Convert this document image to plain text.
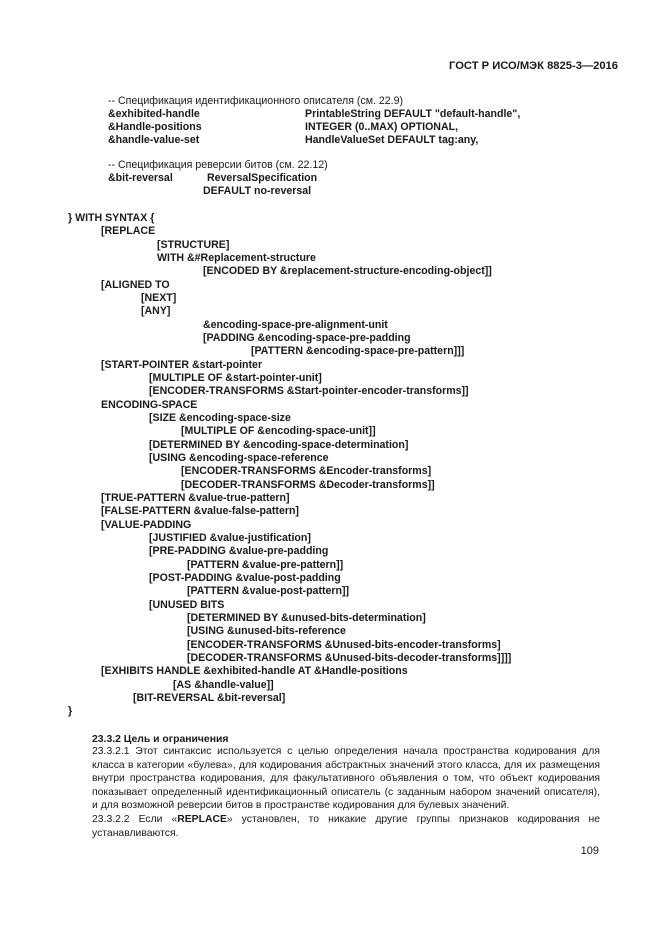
ГОСТ Р ИСО/МЭК 8825-3—2016
-- Спецификация идентификационного описателя (см. 22.9)
&exhibited-handle	PrintableString DEFAULT "default-handle",
&Handle-positions	INTEGER (0..MAX) OPTIONAL,
&handle-value-set	HandleValueSet DEFAULT tag:any,
-- Спецификация реверсии битов (см. 22.12)
&bit-reversal	ReversalSpecification
DEFAULT no-reversal
} WITH SYNTAX {
[REPLACE
[STRUCTURE]
WITH &#Replacement-structure
[ENCODED BY &replacement-structure-encoding-object]]
[ALIGNED TO
[NEXT]
[ANY]
&encoding-space-pre-alignment-unit
[PADDING &encoding-space-pre-padding
[PATTERN &encoding-space-pre-pattern]]]
[START-POINTER &start-pointer
[MULTIPLE OF &start-pointer-unit]
[ENCODER-TRANSFORMS &Start-pointer-encoder-transforms]]
ENCODING-SPACE
[SIZE &encoding-space-size
[MULTIPLE OF &encoding-space-unit]]
[DETERMINED BY &encoding-space-determination]
[USING &encoding-space-reference
[ENCODER-TRANSFORMS &Encoder-transforms]
[DECODER-TRANSFORMS &Decoder-transforms]]
[TRUE-PATTERN &value-true-pattern]
[FALSE-PATTERN &value-false-pattern]
[VALUE-PADDING
[JUSTIFIED &value-justification]
[PRE-PADDING &value-pre-padding
[PATTERN &value-pre-pattern]]
[POST-PADDING &value-post-padding
[PATTERN &value-post-pattern]]
[UNUSED BITS
[DETERMINED BY &unused-bits-determination]
[USING &unused-bits-reference
[ENCODER-TRANSFORMS &Unused-bits-encoder-transforms]
[DECODER-TRANSFORMS &Unused-bits-decoder-transforms]]]]
[EXHIBITS HANDLE &exhibited-handle AT &Handle-positions
[AS &handle-value]]
[BIT-REVERSAL &bit-reversal]
}
23.3.2 Цель и ограничения
23.3.2.1 Этот синтаксис используется с целью определения начала пространства кодирования для класса в категории «булева», для кодирования абстрактных значений этого класса, для их размещения внутри пространства кодирования, для факультативного объявления о том, что объект кодирования показывает определенный идентификационный описатель (с заданным набором значений описателя), и для возможной реверсии битов в пространстве кодирования для булевых значений.
23.3.2.2 Если «REPLACE» установлен, то никакие другие группы признаков кодирования не устанавливаются.
109
